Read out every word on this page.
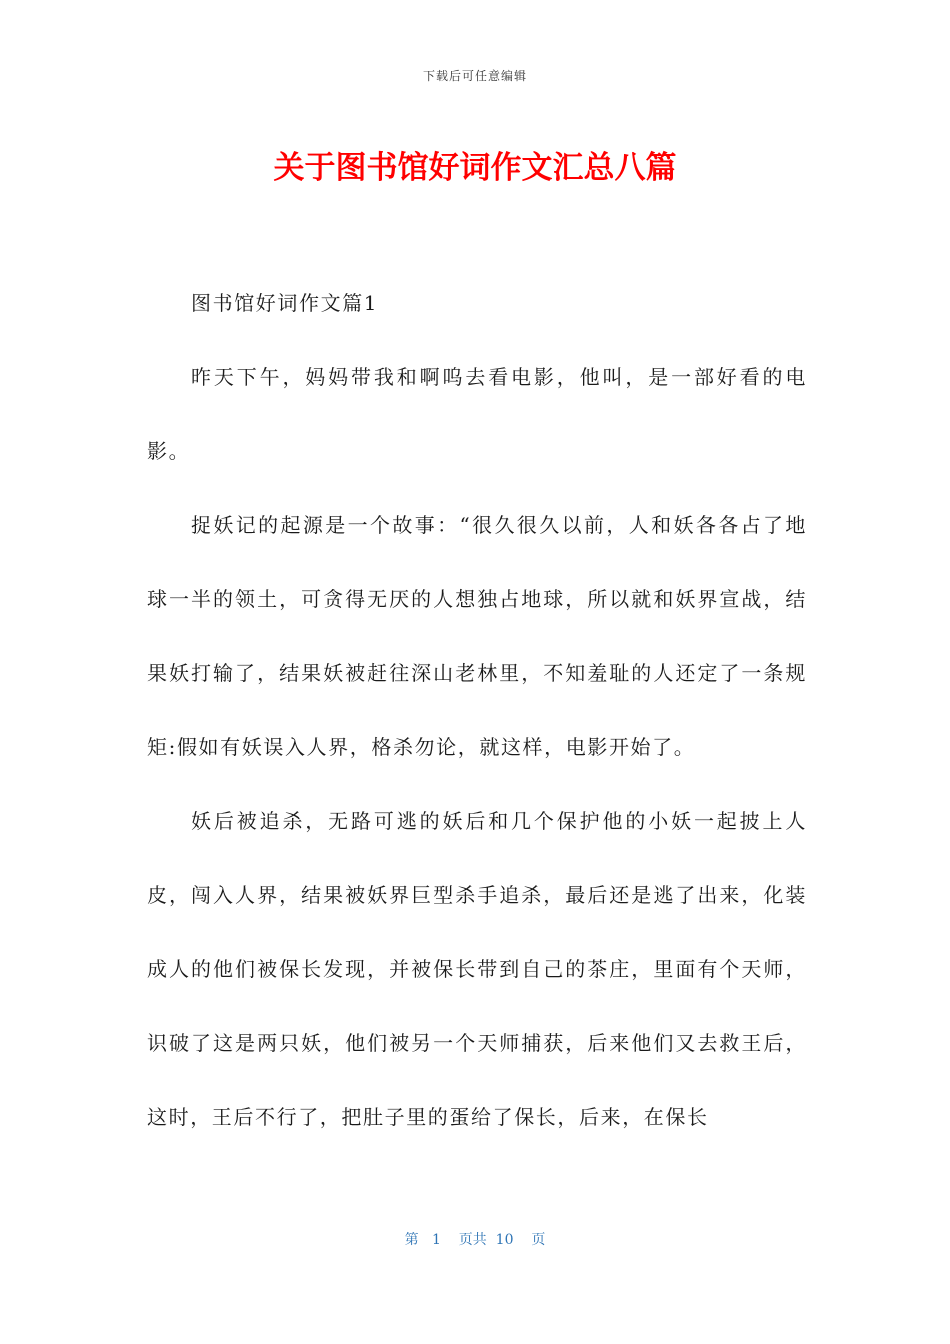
下载后可任意编辑
关于图书馆好词作文汇总八篇

图书馆好词作文篇1

昨天下午，妈妈带我和啊呜去看电影，他叫，是一部好看的电影。

捉妖记的起源是一个故事：“很久很久以前，人和妖各各占了地球一半的领土，可贪得无厌的人想独占地球，所以就和妖界宣战，结果妖打输了，结果妖被赶往深山老林里，不知羞耻的人还定了一条规矩:假如有妖误入人界，格杀勿论，就这样，电影开始了。

妖后被追杀，无路可逃的妖后和几个保护他的小妖一起披上人皮，闯入人界，结果被妖界巨型杀手追杀，最后还是逃了出来，化装成人的他们被保长发现，并被保长带到自己的茶庄，里面有个天师，识破了这是两只妖，他们被另一个天师捕获，后来他们又去救王后，这时，王后不行了，把肚子里的蛋给了保长，后来，在保长

第 1 页共 10 页
